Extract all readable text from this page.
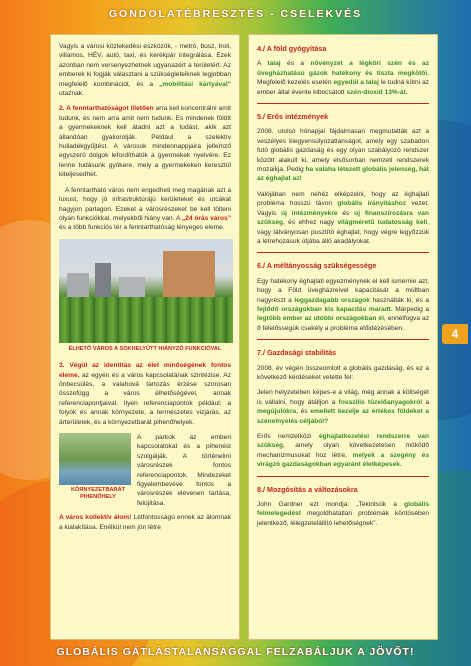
GONDOLATÉBRESZTÉS - CSELEKVÉS

Vagyis a városi közlekedési eszközök, - metró, busz, troli, villamos, HÉV, autó, taxi, és kerékpár integrálása. Ezek azonban nem versenyezhetnek ugyanazért a területért. Az emberek ki fogják választani a szükségleteiknek legjobban megfelelő kombinációt, és a „mobilitási kártyával” utaznak.

2. A fenntarthatóságot illetően arra kell koncentrálni amit tudunk, és nem arra amit nem tudunk. Es mindenek fölött a gyermekeknek kell átadni azt a tudást, akik azt állandóan gyakorolják. Például a szelektív hulladékgyűjtést. A városok mindennappjaira jellemző egyszerű dolgok lefordíthatók a gyermekek nyelvére. Ez lenne tudásunk gyökere, mely a gyermekeken keresztül kiteljesedhet.

A fenntartható város nem engedheti meg magának azt a luxust, hogy jó infrastruktúrájú kerületeket és utcákat hagyjon parlagon. Ezeket a városrészeket be kell tölteni olyan funkciókkal, melyekből hiány van. A „24 órás város” és a több funkciós tér a fenntarthatóság lényeges eleme.

ÉLHETŐ VÁROS A SOKHELYŰTT HIÁNYZÓ FUNKCIÓVAL

3. Végül az identitás az élet minőségének fontos eleme, az egyén és a város kapcsolatának szintézise. Az önbecsülés, a valahová tartozás érzése szorosan összefügg a város élhetőségével, annak referenciapontjaival. Ilyen referenciapontok például: a folyók és annak környezete, a természetes vizjárás, az árterületek, és a környezetbarát pihenőhelyek.

KÖRNYEZETBARÁT PIHENŐHELY
A parkok az emberi kapcsolatokat és a pihenést szolgálják. A történelmi városrészek fontos referenciapontok. Mindezeket figyelembevéve fontos a városrészek elevenen tartása, felújítása.

A város kollektív álom! Létfontosságú ennek az álomnak a kialakítása. Enélkül nem jön létre

4./ A föld gyógyítása

A talaj és a növényzet a légköri szén és az üvegházhatású gázok hatékony és tiszta megkötői. Megfelelő kezelés esetén egyedül a talaj le tudná kötni az ember által évente kibocsátott szén-dioxid 13%-át.

5./ Erős intézmények

2008. utolsó hónapjai fájdalmasan megmutatták azt a veszélyes kiegyensúlyozatlanságot, amely egy szabadon futó globális gazdaság és egy olyan szabályozó rendszer között alakult ki, amely elsősorban nemzeti rendszerek mozaikja. Pedig ha valaha létezett globális jelenség, hát az éghajlat az!

Valójában nem nehéz elképzelni, hogy az éghajlati probléma hosszú távon globális irányításhoz vezet. Vagyis új intézményekre és új finanszírozásra van szükség, és ehhez nagy világméretű tudatosság kell, vagy látványosan pusztító éghajlat, hogy végre legyőzzük a létrehozásuk útjába álló akadályokat.

6./ A méltányosság szükségessége

Egy hatékony éghajlati egyezménynek el kell ismernie azt, hogy a Föld üvegházreivel kapacitását a múltban nagyrészt a leggazdagabb országok használták ki, és a fejlődő országokban kis kapacitás maradt. Márpedig a legtöbb ember az utóbbi országokban él, ennélfogva az ő felelősségük csekély a probléma előidézésében.

7./ Gazdasági stabilitás

2008. év végén összeomlott a globális gazdaság, és ez a következő kérdéseket vetette fel:

Jelen helyzetében képes-e a világ, még annak a költségét is vállalni, hogy átálljon a fosszilis tüzelőanyagokról a megújulókra, és emellett kezelje az értékes földeket a szénelnyelés céljából?

Erős nemzetközi éghajlatkezelési rendszerre van szükség, amely olyan következetesen működő mechanizmusokat hoz létre, melyek a szegény és virágzó gazdaságokban egyaránt életképesek.

8./ Mozgósítás a változásokra

John Gardner ezt mondja: „Tekintsük a globális felmelegedést megoldhatatlan problémák köntösében jelentkező, lélegzetelállító lehetőségnek”.

4
GLOBÁLIS GÁTLÁSTALANSÁGGAL FELZABÁLJUK A JÖVŐT!
